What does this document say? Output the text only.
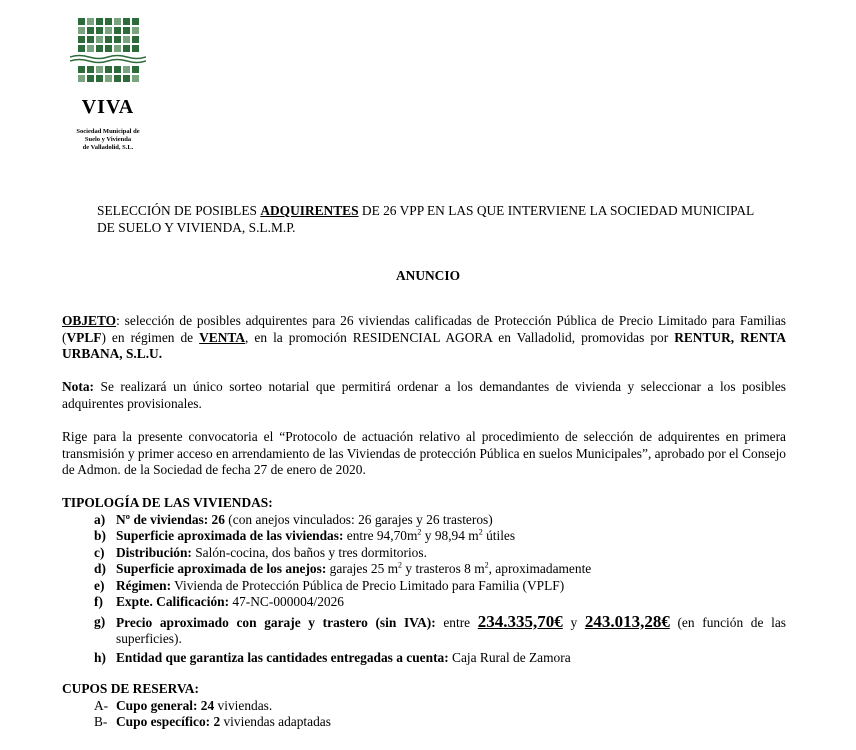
VIVA
Sociedad Municipal de
Suelo y Vivienda
de Valladolid, S.L.
SELECCIÓN DE POSIBLES ADQUIRENTES DE 26 VPP EN LAS QUE INTERVIENE LA SOCIEDAD MUNICIPAL DE SUELO Y VIVIENDA, S.L.M.P.
ANUNCIO
OBJETO: selección de posibles adquirentes para 26 viviendas calificadas de Protección Pública de Precio Limitado para Familias (VPLF) en régimen de VENTA, en la promoción RESIDENCIAL AGORA en Valladolid, promovidas por RENTUR, RENTA URBANA, S.L.U.
Nota: Se realizará un único sorteo notarial que permitirá ordenar a los demandantes de vivienda y seleccionar a los posibles adquirentes provisionales.
Rige para la presente convocatoria el “Protocolo de actuación relativo al procedimiento de selección de adquirentes en primera transmisión y primer acceso en arrendamiento de las Viviendas de protección Pública en suelos Municipales”, aprobado por el Consejo de Admon. de la Sociedad de fecha 27 de enero de 2020.
TIPOLOGÍA DE LAS VIVIENDAS:
a) Nº de viviendas: 26 (con anejos vinculados: 26 garajes y 26 trasteros)
b) Superficie aproximada de las viviendas: entre $94,70m^2$ y 98,94 $m^2$ útiles
c) Distribución: Salón-cocina, dos baños y tres dormitorios.
d) Superficie aproximada de los anejos: garajes 25 $m^2$ y trasteros 8 $m^2$, aproximadamente
e) Régimen: Vivienda de Protección Pública de Precio Limitado para Familia (VPLF)
f) Expte. Calificación: 47-NC-000004/2026
g) Precio aproximado con garaje y trastero (sin IVA): entre 234.335,70€ y 243.013,28€ (en función de las superficies).
h) Entidad que garantiza las cantidades entregadas a cuenta: Caja Rural de Zamora
CUPOS DE RESERVA:
A- Cupo general: 24 viviendas.
B- Cupo específico: 2 viviendas adaptadas
